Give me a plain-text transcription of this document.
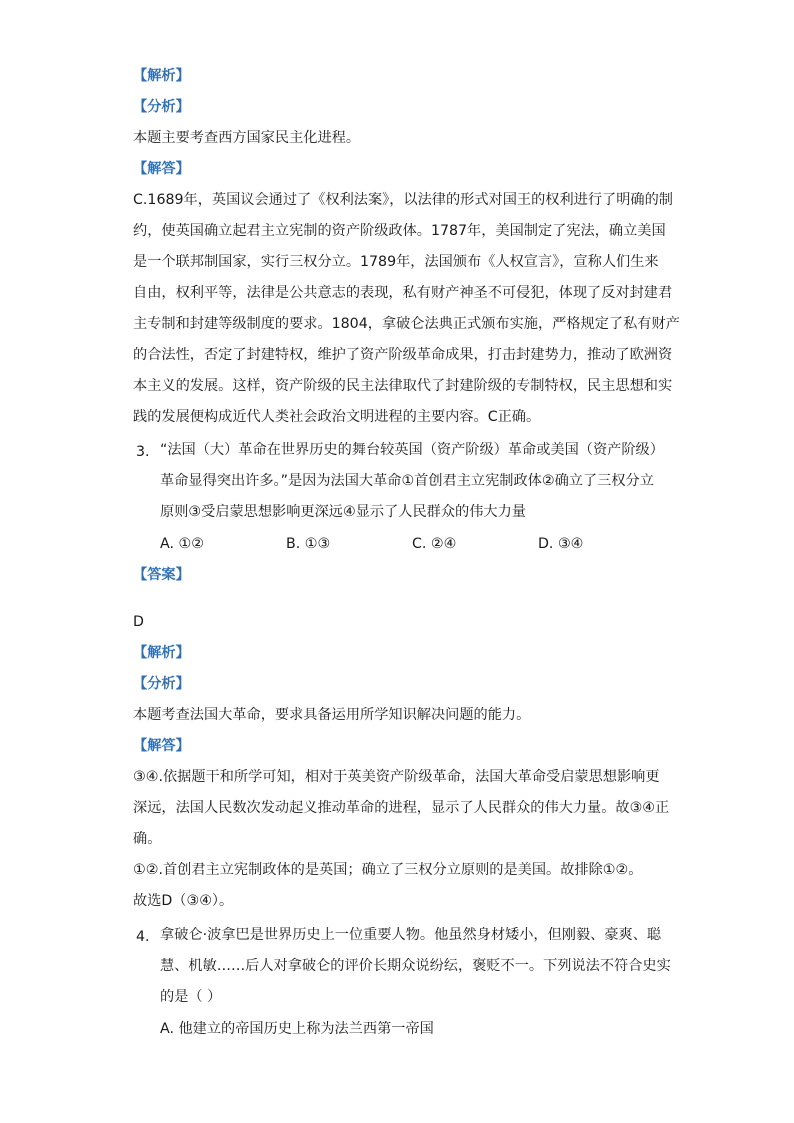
【解析】
【分析】
本题主要考查西方国家民主化进程。
【解答】
C.1689年，英国议会通过了《权利法案》，以法律的形式对国王的权利进行了明确的制
约，使英国确立起君主立宪制的资产阶级政体。1787年，美国制定了宪法，确立美国
是一个联邦制国家，实行三权分立。1789年，法国颁布《人权宣言》，宣称人们生来
自由，权利平等，法律是公共意志的表现，私有财产神圣不可侵犯，体现了反对封建君
主专制和封建等级制度的要求。1804，拿破仑法典正式颁布实施，严格规定了私有财产
的合法性，否定了封建特权，维护了资产阶级革命成果，打击封建势力，推动了欧洲资
本主义的发展。这样，资产阶级的民主法律取代了封建阶级的专制特权，民主思想和实
践的发展便构成近代人类社会政治文明进程的主要内容。C正确。
3. “法国（大）革命在世界历史的舞台较英国（资产阶级）革命或美国（资产阶级）
革命显得突出许多。”是因为法国大革命①首创君主立宪制政体②确立了三权分立
原则③受启蒙思想影响更深远④显示了人民群众的伟大力量
A. ①②	B. ①③	C. ②④	D. ③④
【答案】
D
【解析】
【分析】
本题考查法国大革命，要求具备运用所学知识解决问题的能力。
【解答】
③④.依据题干和所学可知，相对于英美资产阶级革命，法国大革命受启蒙思想影响更
深远，法国人民数次发动起义推动革命的进程，显示了人民群众的伟大力量。故③④正
确。
①②.首创君主立宪制政体的是英国；确立了三权分立原则的是美国。故排除①②。
故选D（③④）。
4. 拿破仑·波拿巴是世界历史上一位重要人物。他虽然身材矮小，但刚毅、豪爽、聪
慧、机敏……后人对拿破仑的评价长期众说纷纭，褒贬不一。下列说法不符合史实
的是（ ）
A. 他建立的帝国历史上称为法兰西第一帝国
